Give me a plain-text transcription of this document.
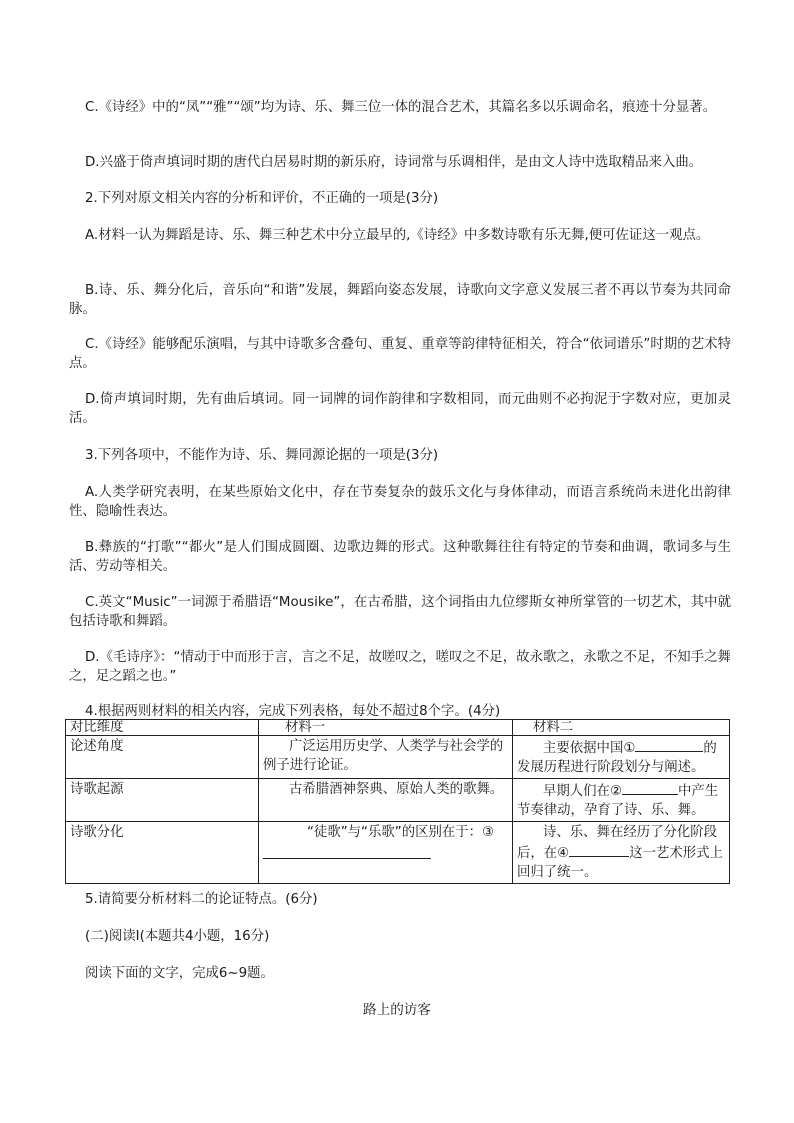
C.《诗经》中的“凤”“雅”“颂”均为诗、乐、舞三位一体的混合艺术，其篇名多以乐调命名，痕迹十分显著。

D.兴盛于倚声填词时期的唐代白居易时期的新乐府，诗词常与乐调相伴，是由文人诗中选取精品来入曲。

2.下列对原文相关内容的分析和评价，不正确的一项是(3分)

A.材料一认为舞蹈是诗、乐、舞三种艺术中分立最早的,《诗经》中多数诗歌有乐无舞,便可佐证这一观点。

B.诗、乐、舞分化后，音乐向“和谐”发展，舞蹈向姿态发展，诗歌向文字意义发展三者不再以节奏为共同命脉。

C.《诗经》能够配乐演唱，与其中诗歌多含叠句、重复、重章等韵律特征相关，符合“依词谱乐”时期的艺术特点。

D.倚声填词时期，先有曲后填词。同一词牌的词作韵律和字数相同，而元曲则不必拘泥于字数对应，更加灵活。

3.下列各项中，不能作为诗、乐、舞同源论据的一项是(3分)

A.人类学研究表明，在某些原始文化中，存在节奏复杂的鼓乐文化与身体律动，而语言系统尚未进化出韵律性、隐喻性表达。

B.彝族的“打歌”“都火”是人们围成圆圈、边歌边舞的形式。这种歌舞往往有特定的节奏和曲调，歌词多与生活、劳动等相关。

C.英文“Music”一词源于希腊语“Mousike”，在古希腊，这个词指由九位缪斯女神所掌管的一切艺术，其中就包括诗歌和舞蹈。

D.《毛诗序》：“情动于中而形于言，言之不足，故嗟叹之，嗟叹之不足，故永歌之，永歌之不足，不知手之舞之，足之蹈之也。”

4.根据两则材料的相关内容，完成下列表格，每处不超过8个字。(4分)

对比维度	材料一	材料二
论述角度	广泛运用历史学、人类学与社会学的例子进行论证。	主要依据中国① 的发展历程进行阶段划分与阐述。
诗歌起源	古希腊酒神祭典、原始人类的歌舞。	早期人们在② 中产生节奏律动，孕育了诗、乐、舞。
诗歌分化	“徒歌”与“乐歌”的区别在于：③	诗、乐、舞在经历了分化阶段后，在④ 这一艺术形式上回归了统一。

5.请简要分析材料二的论证特点。(6分)

(二)阅读Ⅰ(本题共4小题，16分)

阅读下面的文字，完成6~9题。

路上的访客
